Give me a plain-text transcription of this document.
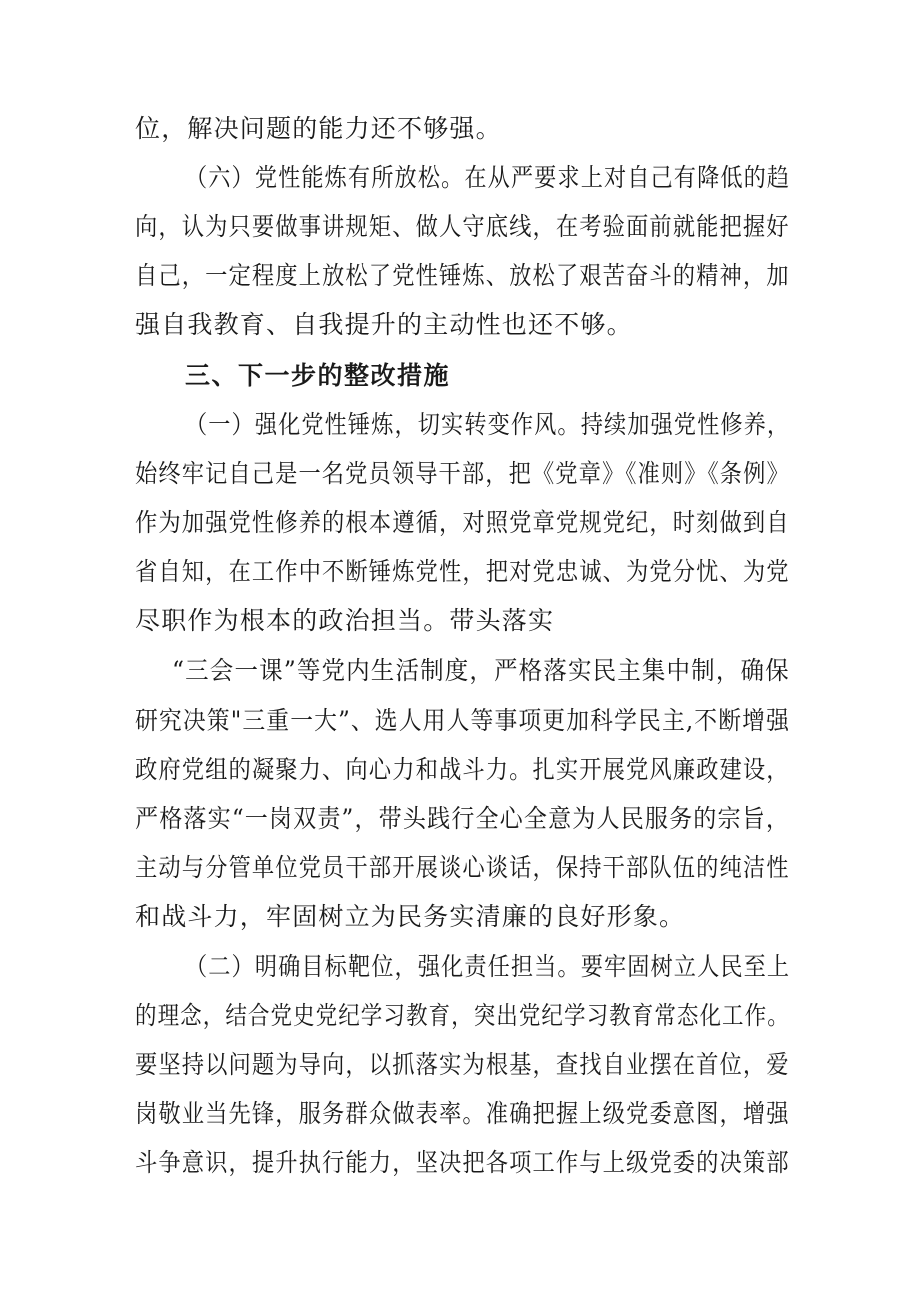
位，解决问题的能力还不够强。

（六）党性能炼有所放松。在从严要求上对自己有降低的趋

向，认为只要做事讲规矩、做人守底线，在考验面前就能把握好

自己，一定程度上放松了党性锤炼、放松了艰苦奋斗的精神，加

强自我教育、自我提升的主动性也还不够。

三、下一步的整改措施

（一）强化党性锤炼，切实转变作风。持续加强党性修养，

始终牢记自己是一名党员领导干部，把《党章》《准则》《条例》

作为加强党性修养的根本遵循，对照党章党规党纪，时刻做到自

省自知，在工作中不断锤炼党性，把对党忠诚、为党分忧、为党

尽职作为根本的政治担当。带头落实

“三会一课”等党内生活制度，严格落实民主集中制，确保

研究决策"三重一大”、选人用人等事项更加科学民主,不断增强

政府党组的凝聚力、向心力和战斗力。扎实开展党风廉政建设，

严格落实“一岗双责”，带头践行全心全意为人民服务的宗旨，

主动与分管单位党员干部开展谈心谈话，保持干部队伍的纯洁性

和战斗力，牢固树立为民务实清廉的良好形象。

（二）明确目标靶位，强化责任担当。要牢固树立人民至上

的理念，结合党史党纪学习教育，突出党纪学习教育常态化工作。

要坚持以问题为导向，以抓落实为根基，查找自业摆在首位，爱

岗敬业当先锋，服务群众做表率。准确把握上级党委意图，增强

斗争意识，提升执行能力，坚决把各项工作与上级党委的决策部
